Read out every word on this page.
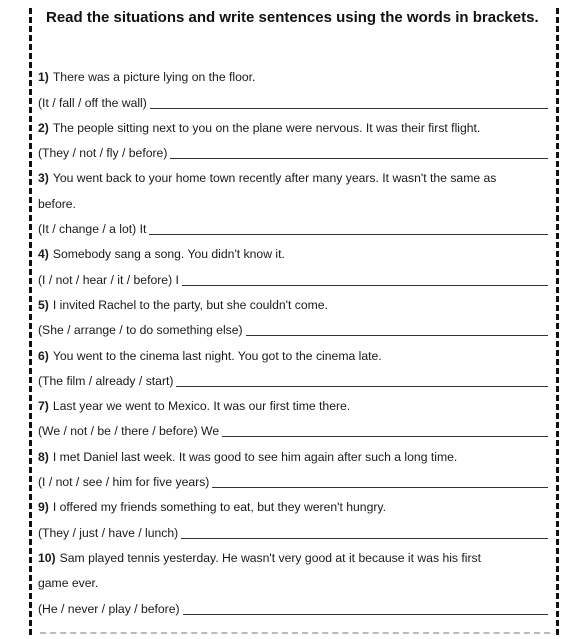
Read the situations and write sentences using the words in brackets.
1) There was a picture lying on the floor.
(It / fall / off the wall)
2) The people sitting next to you on the plane were nervous. It was their first flight.
(They / not / fly / before)
3) You went back to your home town recently after many years. It wasn't the same as
before.
(It / change / a lot) It
4) Somebody sang a song. You didn't know it.
(I / not / hear / it / before) I
5) I invited Rachel to the party, but she couldn't come.
(She / arrange / to do something else)
6) You went to the cinema last night. You got to the cinema late.
(The film / already / start)
7) Last year we went to Mexico. It was our first time there.
(We / not / be / there / before) We
8) I met Daniel last week. It was good to see him again after such a long time.
(I / not / see / him for five years)
9) I offered my friends something to eat, but they weren't hungry.
(They / just / have / lunch)
10) Sam played tennis yesterday. He wasn't very good at it because it was his first
game ever.
(He / never / play / before)
